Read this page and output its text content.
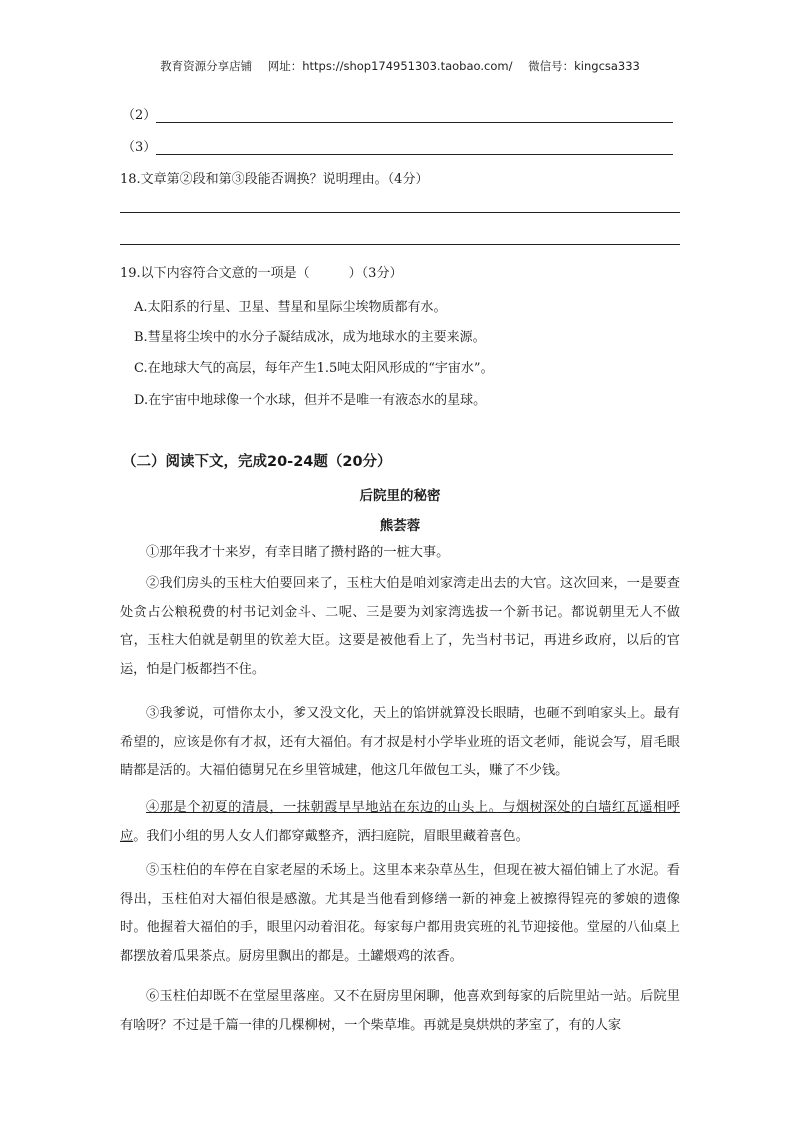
教育资源分享店铺 网址：https://shop174951303.taobao.com/ 微信号：kingcsa333
（2）
（3）
18.文章第②段和第③段能否调换？说明理由。（4分）
19.以下内容符合文意的一项是（　　　）（3分）
A.太阳系的行星、卫星、彗星和星际尘埃物质都有水。
B.彗星将尘埃中的水分子凝结成冰，成为地球水的主要来源。
C.在地球大气的高层，每年产生1.5吨太阳风形成的“宇宙水”。
D.在宇宙中地球像一个水球，但并不是唯一有液态水的星球。
（二）阅读下文，完成20-24题（20分）
后院里的秘密
熊荟蓉
①那年我才十来岁，有幸目睹了攒村路的一桩大事。
②我们房头的玉柱大伯要回来了，玉柱大伯是咱刘家湾走出去的大官。这次回来，一是要查处贪占公粮税费的村书记刘金斗、二呢、三是要为刘家湾选拔一个新书记。都说朝里无人不做官，玉柱大伯就是朝里的钦差大臣。这要是被他看上了，先当村书记，再进乡政府，以后的官运，怕是门板都挡不住。
③我爹说，可惜你太小，爹又没文化，天上的馅饼就算没长眼睛，也砸不到咱家头上。最有希望的，应该是你有才叔，还有大福伯。有才叔是村小学毕业班的语文老师，能说会写，眉毛眼睛都是活的。大福伯德舅兄在乡里管城建，他这几年做包工头，赚了不少钱。
④那是个初夏的清晨，一抹朝霞早早地站在东边的山头上。与烟树深处的白墙红瓦遥相呼应。我们小组的男人女人们都穿戴整齐，洒扫庭院，眉眼里藏着喜色。
⑤玉柱伯的车停在自家老屋的禾场上。这里本来杂草丛生，但现在被大福伯铺上了水泥。看得出，玉柱伯对大福伯很是感激。尤其是当他看到修缮一新的神龛上被擦得锃亮的爹娘的遗像时。他握着大福伯的手，眼里闪动着泪花。每家每户都用贵宾班的礼节迎接他。堂屋的八仙桌上都摆放着瓜果茶点。厨房里飘出的都是。土罐煨鸡的浓香。
⑥玉柱伯却既不在堂屋里落座。又不在厨房里闲聊，他喜欢到每家的后院里站一站。后院里有啥呀？不过是千篇一律的几棵柳树，一个柴草堆。再就是臭烘烘的茅室了，有的人家
